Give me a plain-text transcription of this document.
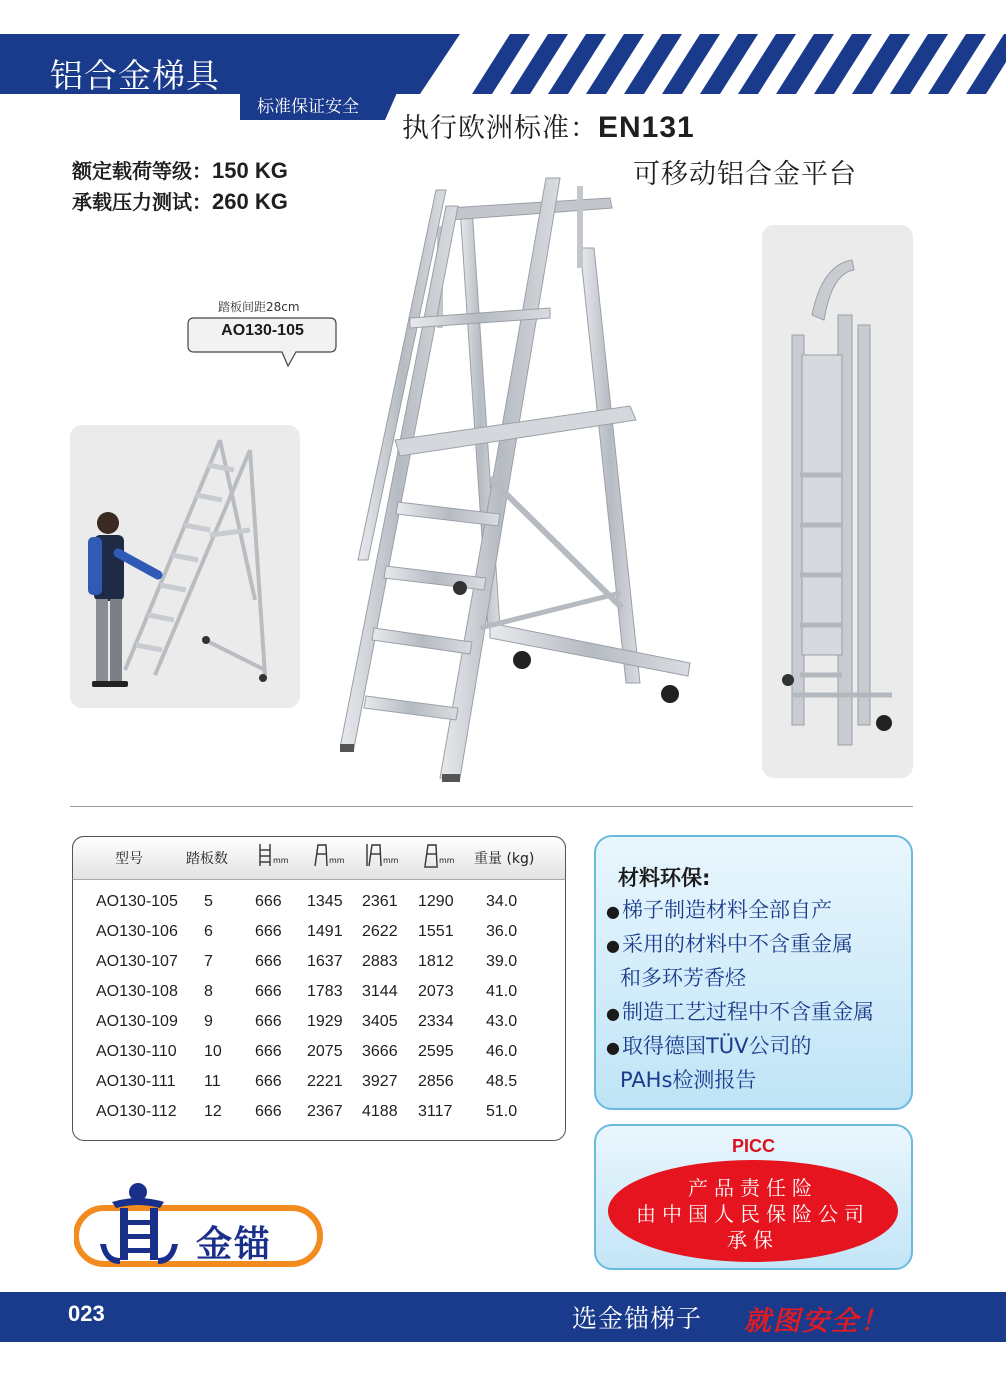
铝合金梯具
标准保证安全
执行欧洲标准：EN131
可移动铝合金平台
额定载荷等级：150 KG
承载压力测试：260 KG
踏板间距28cm
AO130-105
型号	踏板数	mm	mm	mm	mm 重量 (kg)
AO130-105 5	666 1345 2361 1290 34.0
AO130-106 6	666 1491 2622 1551 36.0
AO130-107 7	666 1637 2883 1812 39.0
AO130-108 8	666 1783 3144 2073 41.0
AO130-109 9	666 1929 3405 2334 43.0
AO130-110 10 666 2075 3666 2595 46.0
AO130-111 11 666 2221 3927 2856 48.5
AO130-112 12 666 2367 4188 3117 51.0
材料环保:
●梯子制造材料全部自产
●采用的材料中不含重金属
和多环芳香烃
●制造工艺过程中不含重金属
●取得德国TÜV公司的
PAHs检测报告
PICC
产品责任险
由中国人民保险公司
承保
金锚
023	选金锚梯子 就图安全！
